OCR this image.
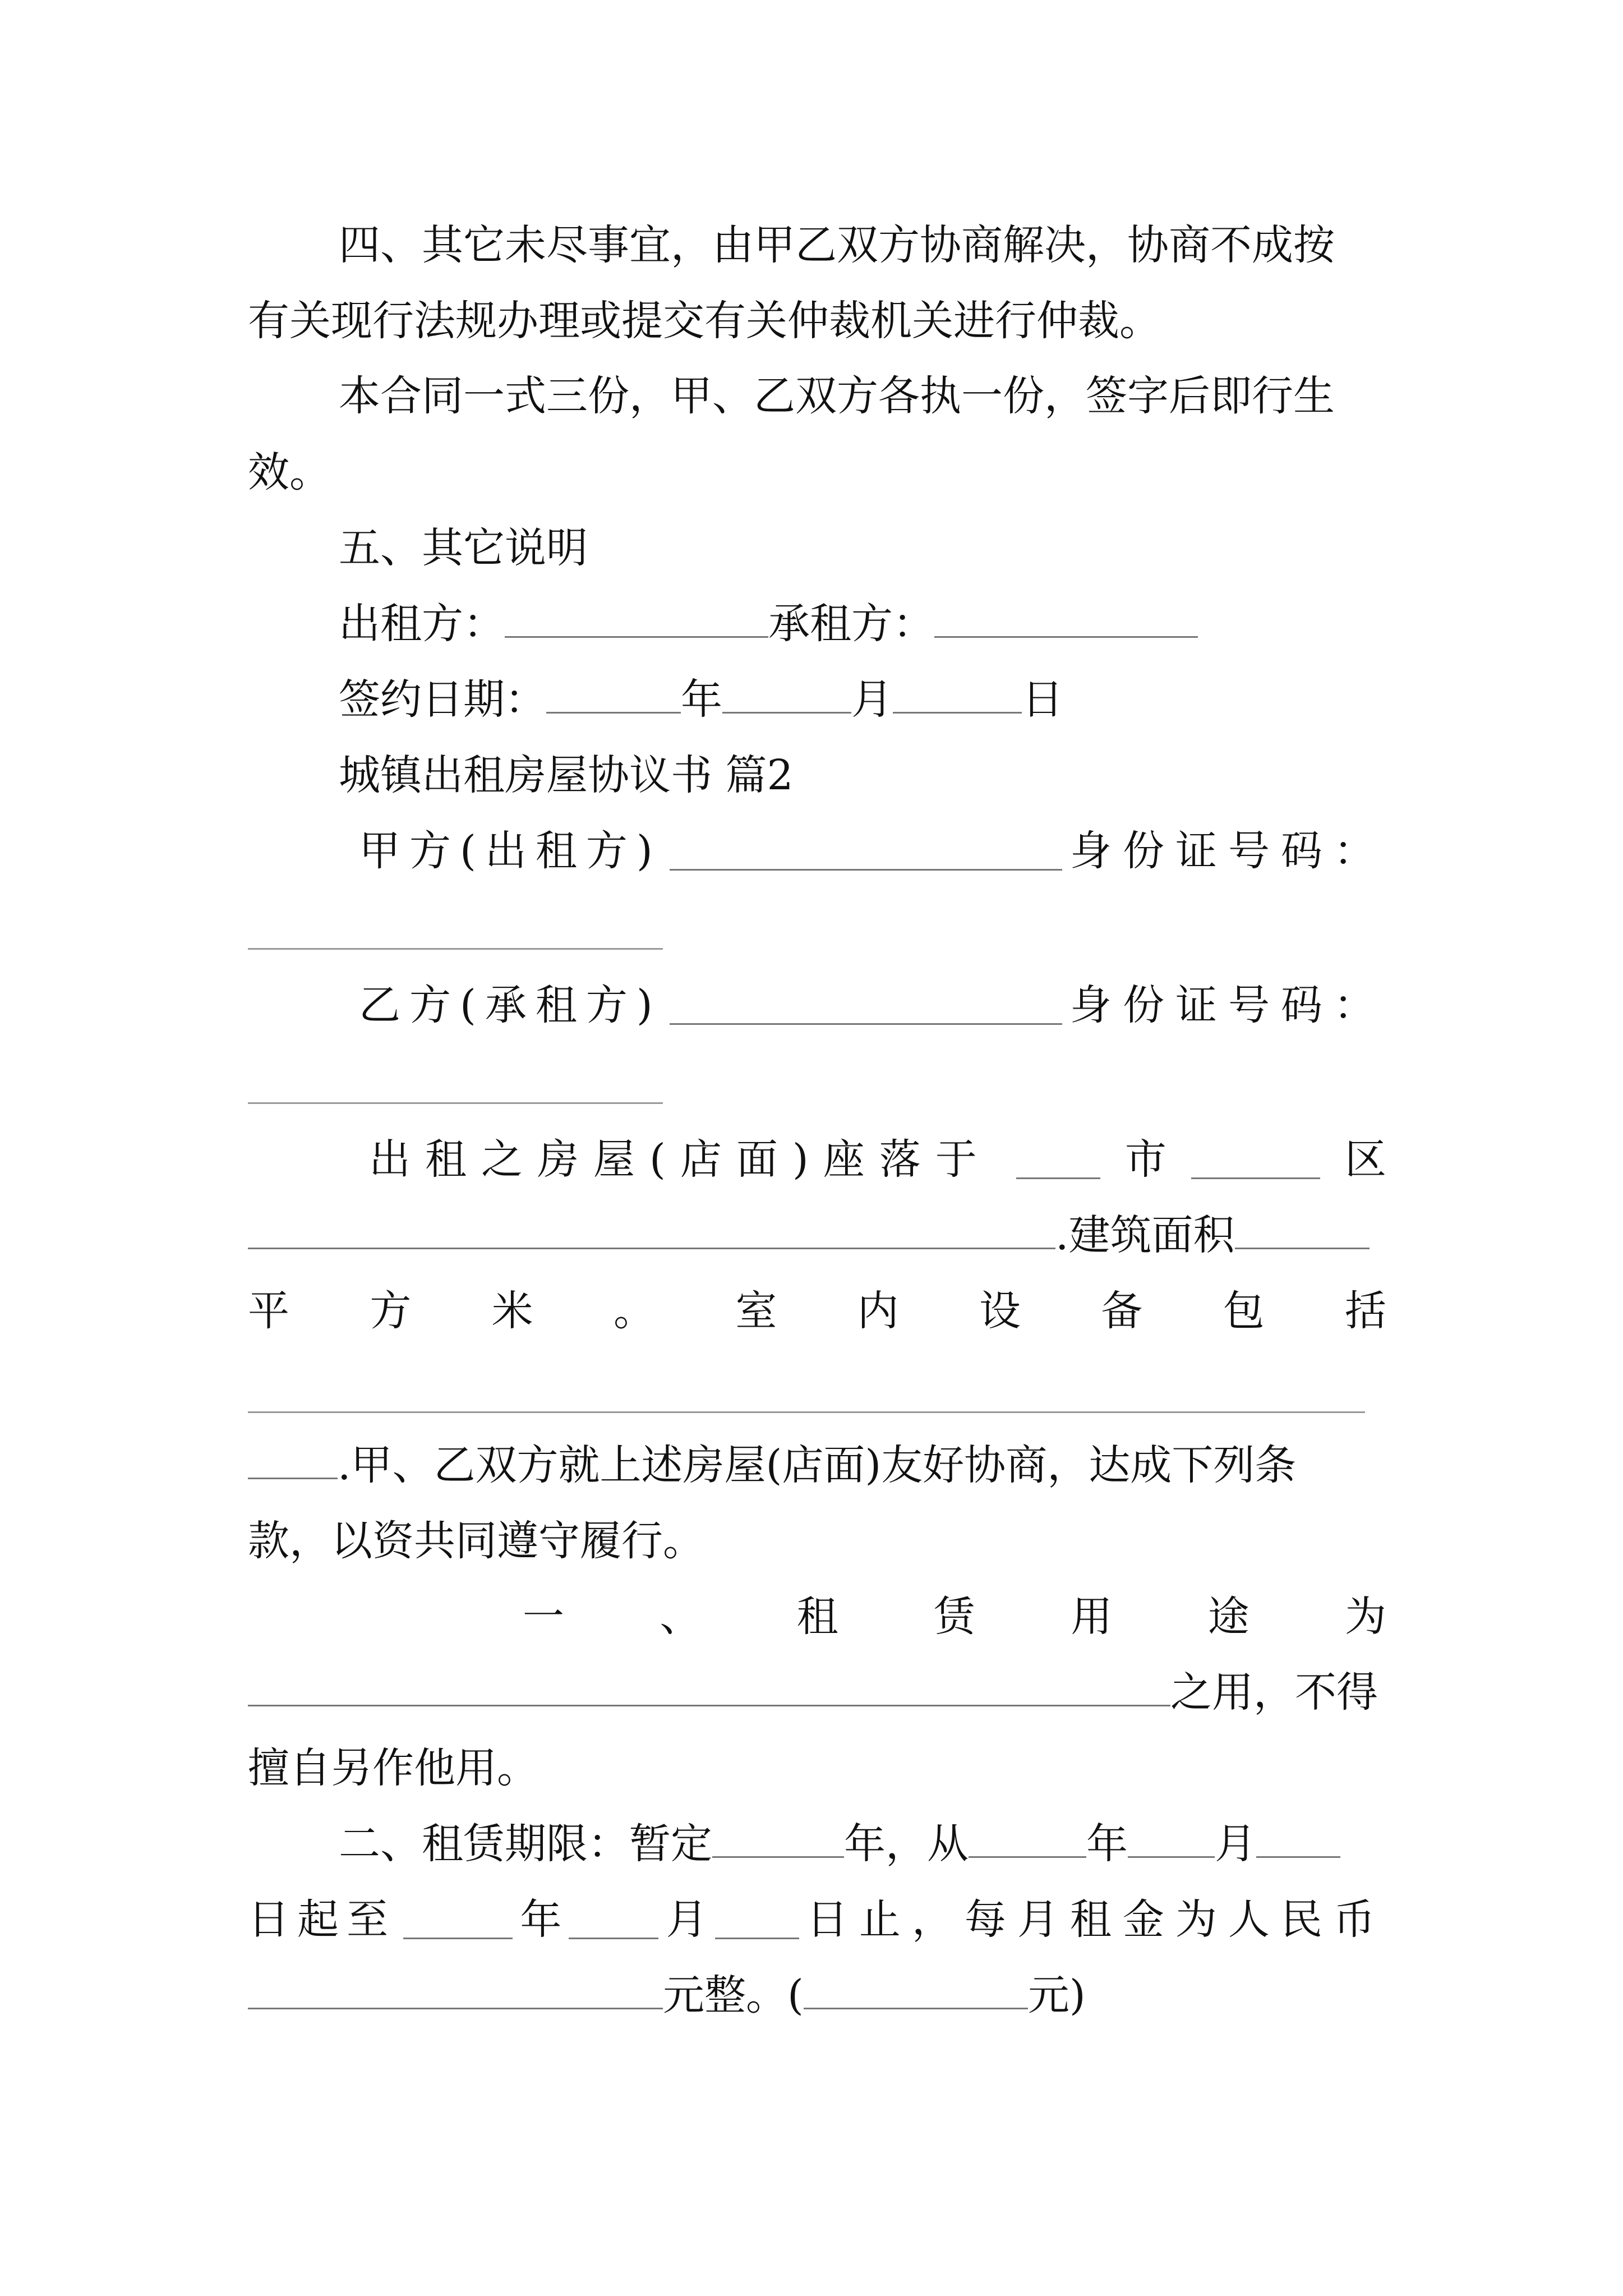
四、其它未尽事宜，由甲乙双方协商解决，协商不成按
有关现行法规办理或提交有关仲裁机关进行仲裁。
本合同一式三份，甲、乙双方各执一份，签字后即行生
效。
五、其它说明
出租方：	承租方：
签约日期：	年	月	日
城镇出租房屋协议书 篇2
甲方(出租方)	身份证号码：
乙方(承租方)	身份证号码：
出租之房屋(店面)座落于	市	区
.建筑面积
平 方 米 。 室 内 设 备 包 括
.甲、乙双方就上述房屋(店面)友好协商，达成下列条
款，以资共同遵守履行。
一 、 租 赁 用 途 为
之用，不得
擅自另作他用。
二、租赁期限：暂定	年，从	年 月
日起至	年	月 日止，每月租金为人民币
元整。(	元)
